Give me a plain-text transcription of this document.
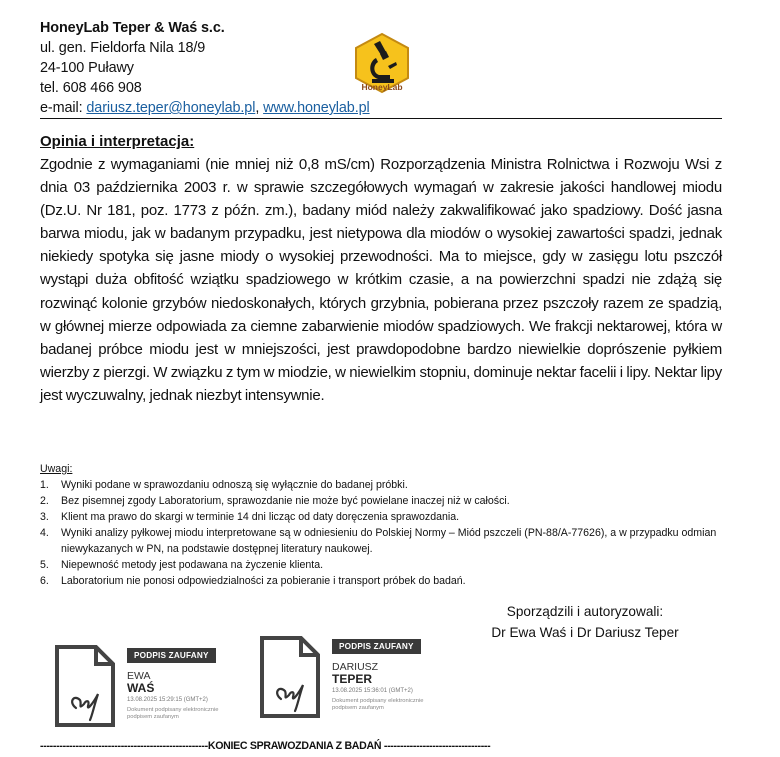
HoneyLab Teper & Waś s.c.
ul. gen. Fieldorfa Nila 18/9
24-100 Puławy
tel. 608 466 908
e-mail: dariusz.teper@honeylab.pl, www.honeylab.pl
HoneyLab
Opinia i interpretacja:
Zgodnie z wymaganiami (nie mniej niż 0,8 mS/cm) Rozporządzenia Ministra Rolnictwa i Rozwoju Wsi z dnia 03 października 2003 r. w sprawie szczegółowych wymagań w zakresie jakości handlowej miodu (Dz.U. Nr 181, poz. 1773 z późn. zm.), badany miód należy zakwalifikować jako spadziowy. Dość jasna barwa miodu, jak w badanym przypadku, jest nietypowa dla miodów o wysokiej zawartości spadzi, jednak niekiedy spotyka się jasne miody o wysokiej przewodności. Ma to miejsce, gdy w zasięgu lotu pszczół wystąpi duża obfitość wziątku spadziowego w krótkim czasie, a na powierzchni spadzi nie zdążą się rozwinąć kolonie grzybów niedoskonałych, których grzybnia, pobierana przez pszczoły razem ze spadzią, w głównej mierze odpowiada za ciemne zabarwienie miodów spadziowych. We frakcji nektarowej, która w badanej próbce miodu jest w mniejszości, jest prawdopodobne bardzo niewielkie doprószenie pyłkiem wierzby z pierzgi. W związku z tym w miodzie, w niewielkim stopniu, dominuje nektar facelii i lipy. Nektar lipy jest wyczuwalny, jednak niezbyt intensywnie.
Uwagi:
1. Wyniki podane w sprawozdaniu odnoszą się wyłącznie do badanej próbki.
2. Bez pisemnej zgody Laboratorium, sprawozdanie nie może być powielane inaczej niż w całości.
3. Klient ma prawo do skargi w terminie 14 dni licząc od daty doręczenia sprawozdania.
4. Wyniki analizy pyłkowej miodu interpretowane są w odniesieniu do Polskiej Normy – Miód pszczeli (PN-88/A-77626), a w przypadku odmian niewykazanych w PN, na podstawie dostępnej literatury naukowej.
5. Niepewność metody jest podawana na życzenie klienta.
6. Laboratorium nie ponosi odpowiedzialności za pobieranie i transport próbek do badań.
Sporządzili i autoryzowali:
Dr Ewa Waś i Dr Dariusz Teper
PODPIS ZAUFANY
EWA
WAŚ
13.08.2025 15:29:15 (GMT+2)
Dokument podpisany elektronicznie podpisem zaufanym
PODPIS ZAUFANY
DARIUSZ
TEPER
13.08.2025 15:36:01 (GMT+2)
Dokument podpisany elektronicznie podpisem zaufanym
----------------------------------------------------KONIEC SPRAWOZDANIA Z BADAŃ ---------------------------------
